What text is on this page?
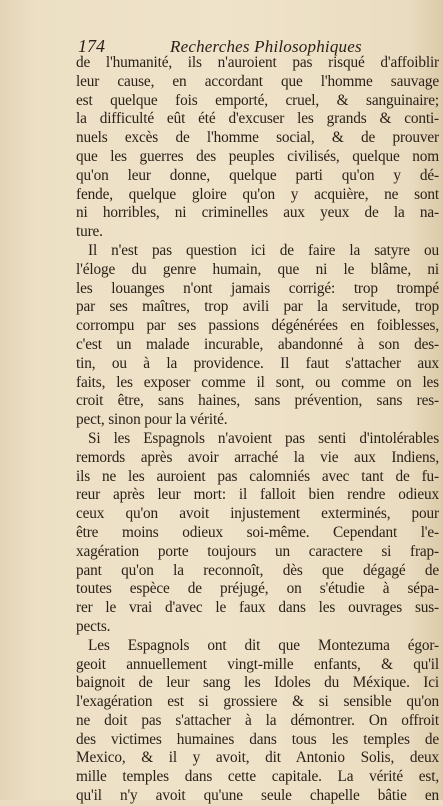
174	Recherches Philosophiques
de l'humanité, ils n'auroient pas risqué d'affoiblir
leur cause, en accordant que l'homme sauvage
est quelque fois emporté, cruel, & sanguinaire;
la difficulté eût été d'excuser les grands & conti-
nuels excès de l'homme social, & de prouver
que les guerres des peuples civilisés, quelque nom
qu'on leur donne, quelque parti qu'on y dé-
fende, quelque gloire qu'on y acquière, ne sont
ni horribles, ni criminelles aux yeux de la na-
ture.
Il n'est pas question ici de faire la satyre ou
l'éloge du genre humain, que ni le blâme, ni
les louanges n'ont jamais corrigé: trop trompé
par ses maîtres, trop avili par la servitude, trop
corrompu par ses passions dégénérées en foiblesses,
c'est un malade incurable, abandonné à son des-
tin, ou à la providence. Il faut s'attacher aux
faits, les exposer comme il sont, ou comme on les
croit être, sans haines, sans prévention, sans res-
pect, sinon pour la vérité.
Si les Espagnols n'avoient pas senti d'intolérables
remords après avoir arraché la vie aux Indiens,
ils ne les auroient pas calomniés avec tant de fu-
reur après leur mort: il falloit bien rendre odieux
ceux qu'on avoit injustement exterminés, pour
être moins odieux soi-même. Cependant l'e-
xagération porte toujours un caractere si frap-
pant qu'on la reconnoît, dès que dégagé de
toutes espèce de préjugé, on s'étudie à sépa-
rer le vrai d'avec le faux dans les ouvrages sus-
pects.
Les Espagnols ont dit que Montezuma égor-
geoit annuellement vingt-mille enfants, & qu'il
baignoit de leur sang les Idoles du Méxique. Ici
l'exagération est si grossiere & si sensible qu'on
ne doit pas s'attacher à la démontrer. On offroit
des victimes humaines dans tous les temples de
Mexico, & il y avoit, dit Antonio Solis, deux
mille temples dans cette capitale. La vérité est,
qu'il n'y avoit qu'une seule chapelle bâtie en
